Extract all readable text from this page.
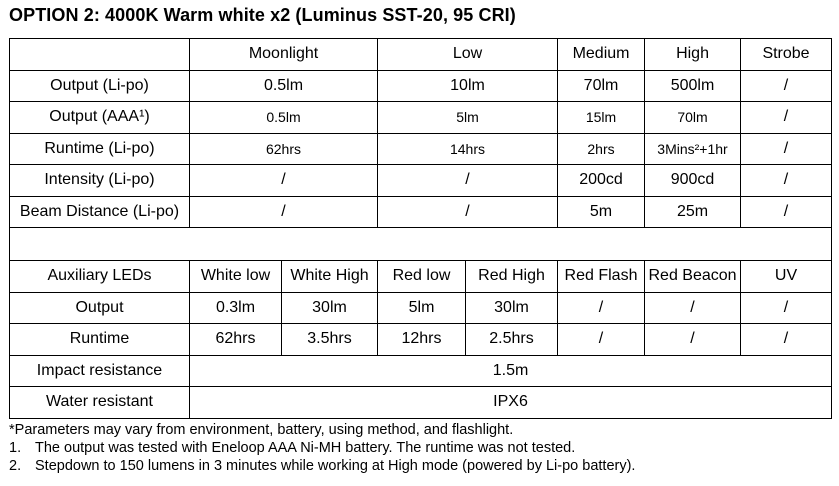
OPTION 2: 4000K Warm white x2 (Luminus SST-20, 95 CRI)
	Moonlight		Low		Medium	High	Strobe
Output (Li-po)	0.5lm		10lm		70lm	500lm	/
Output (AAA¹)	0.5lm		5lm		15lm	70lm	/
Runtime (Li-po)	62hrs		14hrs		2hrs	3Mins²+1hr	/
Intensity (Li-po)	/		/		200cd	900cd	/
Beam Distance (Li-po)	/		/		5m	25m	/

Auxiliary LEDs	White low	White High	Red low	Red High	Red Flash	Red Beacon	UV
Output	0.3lm	30lm	5lm	30lm	/	/	/
Runtime	62hrs	3.5hrs	12hrs	2.5hrs	/	/	/
Impact resistance	1.5m						
Water resistant	IPX6						
*Parameters may vary from environment, battery, using method, and flashlight.
1. The output was tested with Eneloop AAA Ni-MH battery. The runtime was not tested.
2. Stepdown to 150 lumens in 3 minutes while working at High mode (powered by Li-po battery).
